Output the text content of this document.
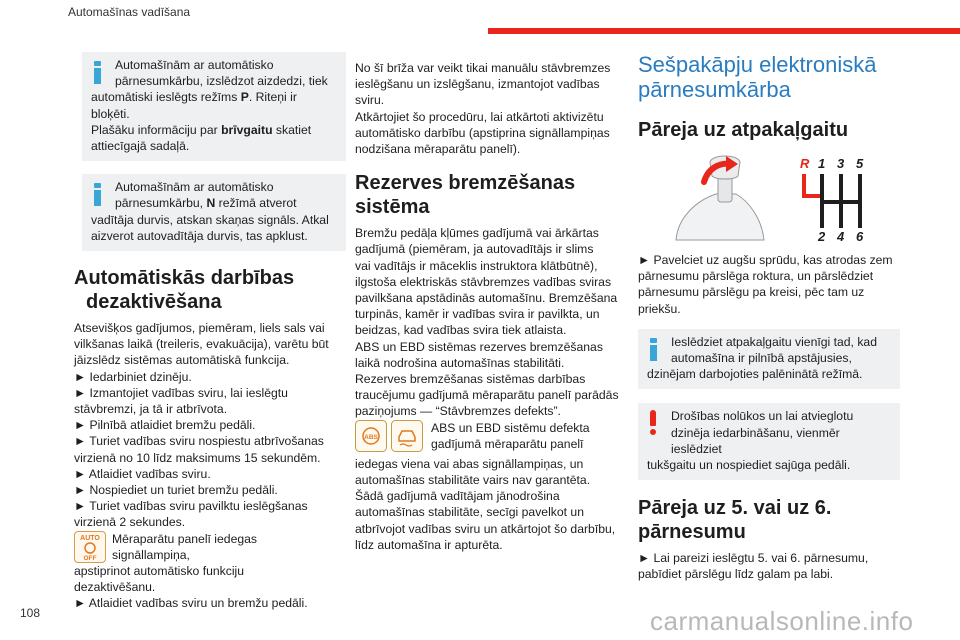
Automašīnas vadīšana

Automašīnām ar automātisko
pārnesumkārbu, izslēdzot aizdedzi, tiek
automātiski ieslēgts režīms P. Riteņi ir bloķēti.
Plašāku informāciju par brīvgaitu skatiet
attiecīgajā sadaļā.

Automašīnām ar automātisko
pārnesumkārbu, N režīmā atverot
vadītāja durvis, atskan skaņas signāls. Atkal
aizverot autovadītāja durvis, tas apklust.

Automātiskās darbības
dezaktivēšana

Atsevišķos gadījumos, piemēram, liels sals vai

vilkšanas laikā (treileris, evakuācija), varētu būt

jāizslēdz sistēmas automātiskā funkcija.

► Iedarbiniet dzinēju.

► Izmantojiet vadības sviru, lai ieslēgtu

stāvbremzi, ja tā ir atbrīvota.

► Pilnībā atlaidiet bremžu pedāli.

► Turiet vadības sviru nospiestu atbrīvošanas

virzienā no 10 līdz maksimums 15 sekundēm.

► Atlaidiet vadības sviru.

► Nospiediet un turiet bremžu pedāli.

► Turiet vadības sviru pavilktu ieslēgšanas

virzienā 2 sekundes.

AUTO
OFF

Mēraparātu panelī iedegas signāllampiņa,

apstiprinot automātisko funkciju

dezaktivēšanu.

► Atlaidiet vadības sviru un bremžu pedāli.

No šī brīža var veikt tikai manuālu stāvbremzes

ieslēgšanu un izslēgšanu, izmantojot vadības

sviru.

Atkārtojiet šo procedūru, lai atkārtoti aktivizētu

automātisko darbību (apstiprina signāllampiņas

nodzišana mēraparātu panelī).

Rezerves bremzēšanas
sistēma

Bremžu pedāļa kļūmes gadījumā vai ārkārtas

gadījumā (piemēram, ja autovadītājs ir slims

vai vadītājs ir māceklis instruktora klātbūtnē),

ilgstoša elektriskās stāvbremzes vadības sviras

pavilkšana apstādinās automašīnu. Bremzēšana

turpinās, kamēr ir vadības svira ir pavilkta, un

beidzas, kad vadības svira tiek atlaista.

ABS un EBD sistēmas rezerves bremzēšanas

laikā nodrošina automašīnas stabilitāti.

Rezerves bremzēšanas sistēmas darbības

traucējumu gadījumā mēraparātu panelī parādās

paziņojums — “Stāvbremzes defekts”.

ABS

ABS un EBD sistēmu defekta

gadījumā mēraparātu panelī

iedegas viena vai abas signāllampiņas, un

automašīnas stabilitāte vairs nav garantēta.

Šādā gadījumā vadītājam jānodrošina

automašīnas stabilitāte, secīgi pavelkot un

atbrīvojot vadības sviru un atkārtojot šo darbību,

līdz automašīna ir apturēta.

Sešpakāpju elektroniskā
pārnesumkārba
Pāreja uz atpakaļgaitu
R 1 3 5
2 4 6

► Pavelciet uz augšu sprūdu, kas atrodas zem

pārnesumu pārslēga roktura, un pārslēdziet

pārnesumu pārslēgu pa kreisi, pēc tam uz

priekšu.

Ieslēdziet atpakaļgaitu vienīgi tad, kad
automašīna ir pilnībā apstājusies,
dzinējam darbojoties palēninātā režīmā.

Drošības nolūkos un lai atvieglotu
dzinēja iedarbināšanu, vienmēr ieslēdziet
tukšgaitu un nospiediet sajūga pedāli.

Pāreja uz 5. vai uz 6.
pārnesumu

► Lai pareizi ieslēgtu 5. vai 6. pārnesumu,

pabīdiet pārslēgu līdz galam pa labi.

108	carmanualsonline.info
